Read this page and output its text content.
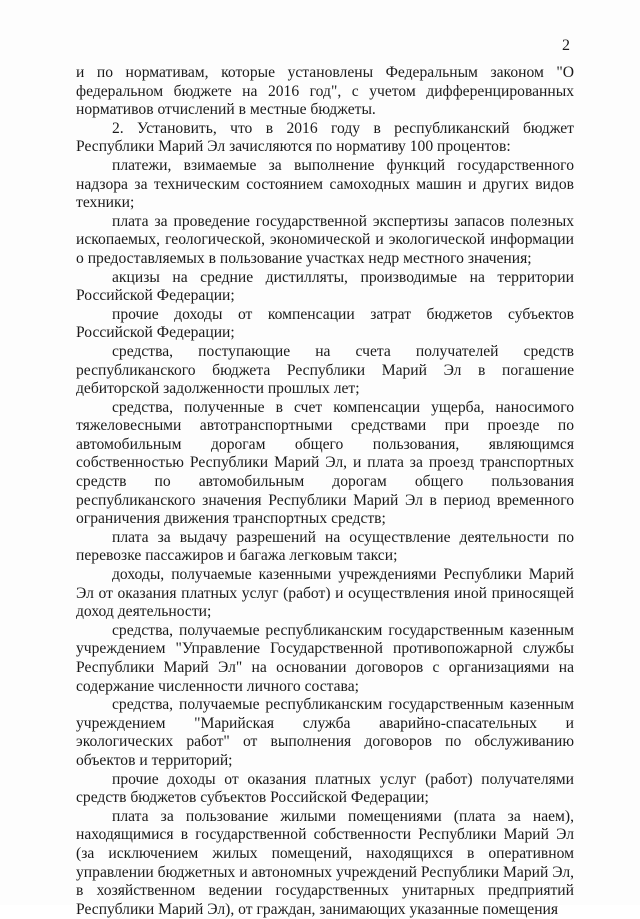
2

и по нормативам, которые установлены Федеральным законом "О федеральном бюджете на 2016 год", с учетом дифференцированных нормативов отчислений в местные бюджеты.

2. Установить, что в 2016 году в республиканский бюджет Республики Марий Эл зачисляются по нормативу 100 процентов:

платежи, взимаемые за выполнение функций государственного надзора за техническим состоянием самоходных машин и других видов техники;

плата за проведение государственной экспертизы запасов полезных ископаемых, геологической, экономической и экологической информации о предоставляемых в пользование участках недр местного значения;

акцизы на средние дистилляты, производимые на территории Российской Федерации;

прочие доходы от компенсации затрат бюджетов субъектов Российской Федерации;

средства, поступающие на счета получателей средств республиканского бюджета Республики Марий Эл в погашение дебиторской задолженности прошлых лет;

средства, полученные в счет компенсации ущерба, наносимого тяжеловесными автотранспортными средствами при проезде по автомобильным дорогам общего пользования, являющимся собственностью Республики Марий Эл, и плата за проезд транспортных средств по автомобильным дорогам общего пользования республиканского значения Республики Марий Эл в период временного ограничения движения транспортных средств;

плата за выдачу разрешений на осуществление деятельности по перевозке пассажиров и багажа легковым такси;

доходы, получаемые казенными учреждениями Республики Марий Эл от оказания платных услуг (работ) и осуществления иной приносящей доход деятельности;

средства, получаемые республиканским государственным казенным учреждением "Управление Государственной противопожарной службы Республики Марий Эл" на основании договоров с организациями на содержание численности личного состава;

средства, получаемые республиканским государственным казенным учреждением "Марийская служба аварийно-спасательных и экологических работ" от выполнения договоров по обслуживанию объектов и территорий;

прочие доходы от оказания платных услуг (работ) получателями средств бюджетов субъектов Российской Федерации;

плата за пользование жилыми помещениями (плата за наем), находящимися в государственной собственности Республики Марий Эл (за исключением жилых помещений, находящихся в оперативном управлении бюджетных и автономных учреждений Республики Марий Эл, в хозяйственном ведении государственных унитарных предприятий Республики Марий Эл), от граждан, занимающих указанные помещения
